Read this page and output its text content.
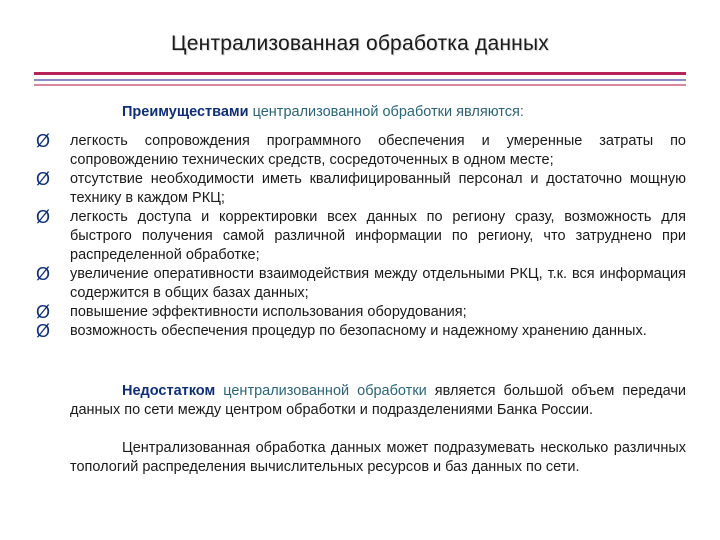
Централизованная обработка данных
Преимуществами централизованной обработки являются:
Ø легкость сопровождения программного обеспечения и умеренные затраты по сопровождению технических средств, сосредоточенных в одном месте;
Ø отсутствие необходимости иметь квалифицированный персонал и достаточно мощную технику в каждом РКЦ;
Ø легкость доступа и корректировки всех данных по региону сразу, возможность для быстрого получения самой различной информации по региону, что затруднено при распределенной обработке;
Ø увеличение оперативности взаимодействия между отдельными РКЦ, т.к. вся информация содержится в общих базах данных;
Ø повышение эффективности использования оборудования;
Ø возможность обеспечения процедур по безопасному и надежному хранению данных.
Недостатком централизованной обработки является большой объем передачи данных по сети между центром обработки и подразделениями Банка России.
Централизованная обработка данных может подразумевать несколько различных топологий распределения вычислительных ресурсов и баз данных по сети.
